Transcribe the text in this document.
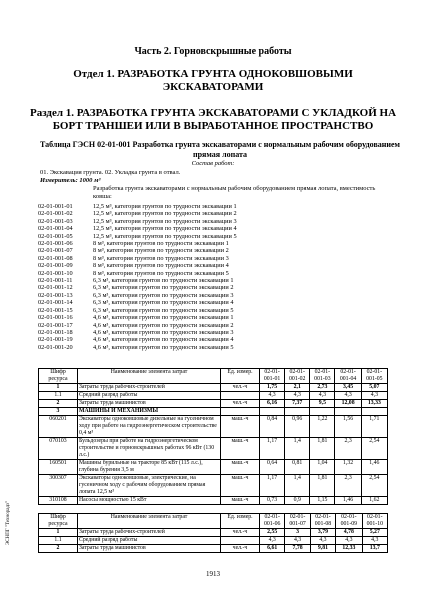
Часть 2. Горновскрышные работы

Отдел 1. РАЗРАБОТКА ГРУНТА ОДНОКОВШОВЫМИ ЭКСКАВАТОРАМИ

Раздел 1. РАЗРАБОТКА ГРУНТА ЭКСКАВАТОРАМИ С УКЛАДКОЙ НА БОРТ ТРАНШЕИ ИЛИ В ВЫРАБОТАННОЕ ПРОСТРАНСТВО

Таблица ГЭСН 02-01-001 Разработка грунта экскаваторами с нормальным рабочим оборудованием прямая лопата

Состав работ:
01. Экскавация грунта. 02. Укладка грунта в отвал.
Измеритель: 1000 м³
Разработка грунта экскаваторами с нормальным рабочим оборудованием прямая лопата, вместимость ковша:
02-01-001-01	12,5 м³, категория грунтов по трудности экскавации 1
02-01-001-02	12,5 м³, категория грунтов по трудности экскавации 2
02-01-001-03	12,5 м³, категория грунтов по трудности экскавации 3
02-01-001-04	12,5 м³, категория грунтов по трудности экскавации 4
02-01-001-05	12,5 м³, категория грунтов по трудности экскавации 5
02-01-001-06	8 м³, категория грунтов по трудности экскавации 1
02-01-001-07	8 м³, категория грунтов по трудности экскавации 2
02-01-001-08	8 м³, категория грунтов по трудности экскавации 3
02-01-001-09	8 м³, категория грунтов по трудности экскавации 4
02-01-001-10	8 м³, категория грунтов по трудности экскавации 5
02-01-001-11	6,3 м³, категория грунтов по трудности экскавации 1
02-01-001-12	6,3 м³, категория грунтов по трудности экскавации 2
02-01-001-13	6,3 м³, категория грунтов по трудности экскавации 3
02-01-001-14	6,3 м³, категория грунтов по трудности экскавации 4
02-01-001-15	6,3 м³, категория грунтов по трудности экскавации 5
02-01-001-16	4,6 м³, категория грунтов по трудности экскавации 1
02-01-001-17	4,6 м³, категория грунтов по трудности экскавации 2
02-01-001-18	4,6 м³, категория грунтов по трудности экскавации 3
02-01-001-19	4,6 м³, категория грунтов по трудности экскавации 4
02-01-001-20	4,6 м³, категория грунтов по трудности экскавации 5
Шифр ресурса	Наименование элемента затрат	Ед. измер.	02-01-001-01	02-01-001-02	02-01-001-03	02-01-001-04	02-01-001-05
1	Затраты труда рабочих-строителей	чел.-ч	1,75	2,1	2,73	3,45	5,07
1.1	Средний разряд работы		4,3	4,3	4,3	4,3	4,3
2	Затраты труда машинистов	чел.-ч	6,16	7,37	9,5	12,08	13,33
3	МАШИНЫ И МЕХАНИЗМЫ						
060201	Экскаваторы одноковшовые дизельные на гусеничном ходу при работе на гидроэнергетическом строительстве 0,4 м³	маш.-ч	0,84	0,96	1,22	1,56	1,71
070103	Бульдозеры при работе на гидроэнергетическом строительстве и горновскрышных работах 96 кВт (130 л.с.)	маш.-ч	1,17	1,4	1,81	2,3	2,54
160501	Машины бурильные на тракторе 85 кВт (115 л.с.), глубина бурения 3,5 м	маш.-ч	0,64	0,81	1,04	1,32	1,46
300307	Экскаваторы одноковшовые, электрические, на гусеничном ходу с рабочим оборудованием прямая лопата 12,5 м³	маш.-ч	1,17	1,4	1,81	2,3	2,54
310108	Насосы мощностью 15 кВт	маш.-ч	0,73	0,9	1,15	1,46	1,62
Шифр ресурса	Наименование элемента затрат	Ед. измер.	02-01-001-06	02-01-001-07	02-01-001-08	02-01-001-09	02-01-001-10
1	Затраты труда рабочих-строителей	чел.-ч	2,55	3	3,79	4,78	5,27
1.1	Средний разряд работы		4,3	4,3	4,3	4,3	4,3
2	Затраты труда машинистов	чел.-ч	6,61	7,78	9,81	12,33	13,7
1913
ЭСНПГ "Технорадз"
